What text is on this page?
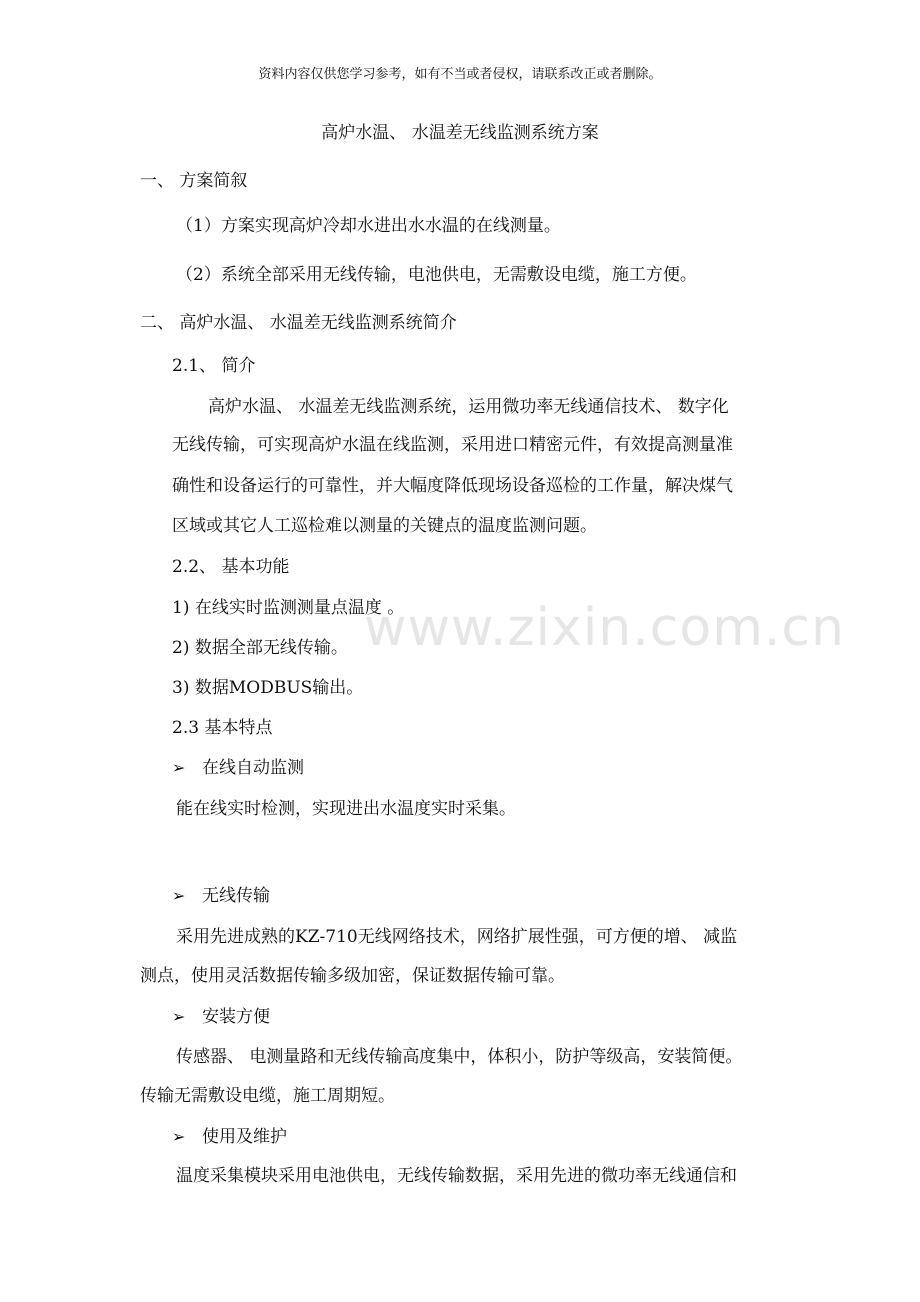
资料内容仅供您学习参考，如有不当或者侵权，请联系改正或者删除。
www.zixin.com.cn
高炉水温、 水温差无线监测系统方案
一、 方案简叙
（1）方案实现高炉冷却水进出水水温的在线测量。
（2）系统全部采用无线传输，电池供电，无需敷设电缆，施工方便。
二、 高炉水温、 水温差无线监测系统简介
2.1、 简介
高炉水温、 水温差无线监测系统，运用微功率无线通信技术、 数字化
无线传输，可实现高炉水温在线监测，采用进口精密元件，有效提高测量准
确性和设备运行的可靠性，并大幅度降低现场设备巡检的工作量，解决煤气
区域或其它人工巡检难以测量的关键点的温度监测问题。
2.2、 基本功能
1) 在线实时监测测量点温度 。
2) 数据全部无线传输。
3) 数据MODBUS输出。
2.3 基本特点
➢ 在线自动监测
能在线实时检测，实现进出水温度实时采集。
➢ 无线传输
采用先进成熟的KZ-710无线网络技术，网络扩展性强，可方便的增、 减监
测点，使用灵活数据传输多级加密，保证数据传输可靠。
➢ 安装方便
传感器、 电测量路和无线传输高度集中，体积小，防护等级高，安装简便。
传输无需敷设电缆，施工周期短。
➢ 使用及维护
温度采集模块采用电池供电，无线传输数据，采用先进的微功率无线通信和
